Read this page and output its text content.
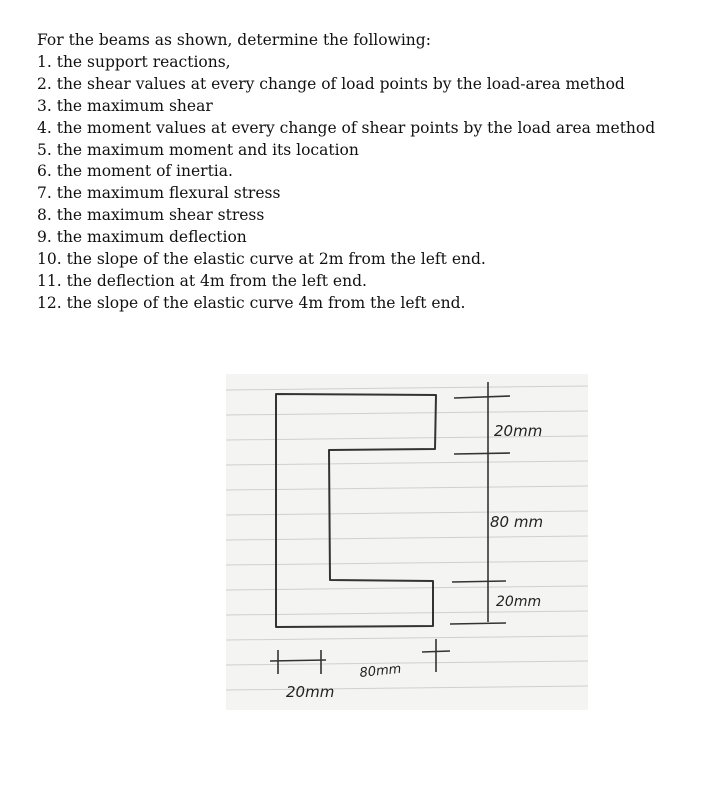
For the beams as shown, determine the following:

1. the support reactions,

2. the shear values at every change of load points by the load-area method

3. the maximum shear

4. the moment values at every change of shear points by the load area method

5. the maximum moment and its location

6. the moment of inertia.

7. the maximum flexural stress

8. the maximum shear stress

9. the maximum deflection

10. the slope of the elastic curve at 2m from the left end.

11. the deflection at 4m from the left end.

12. the slope of the elastic curve 4m from the left end.

20mm
80 mm
20mm
20mm
80mm
